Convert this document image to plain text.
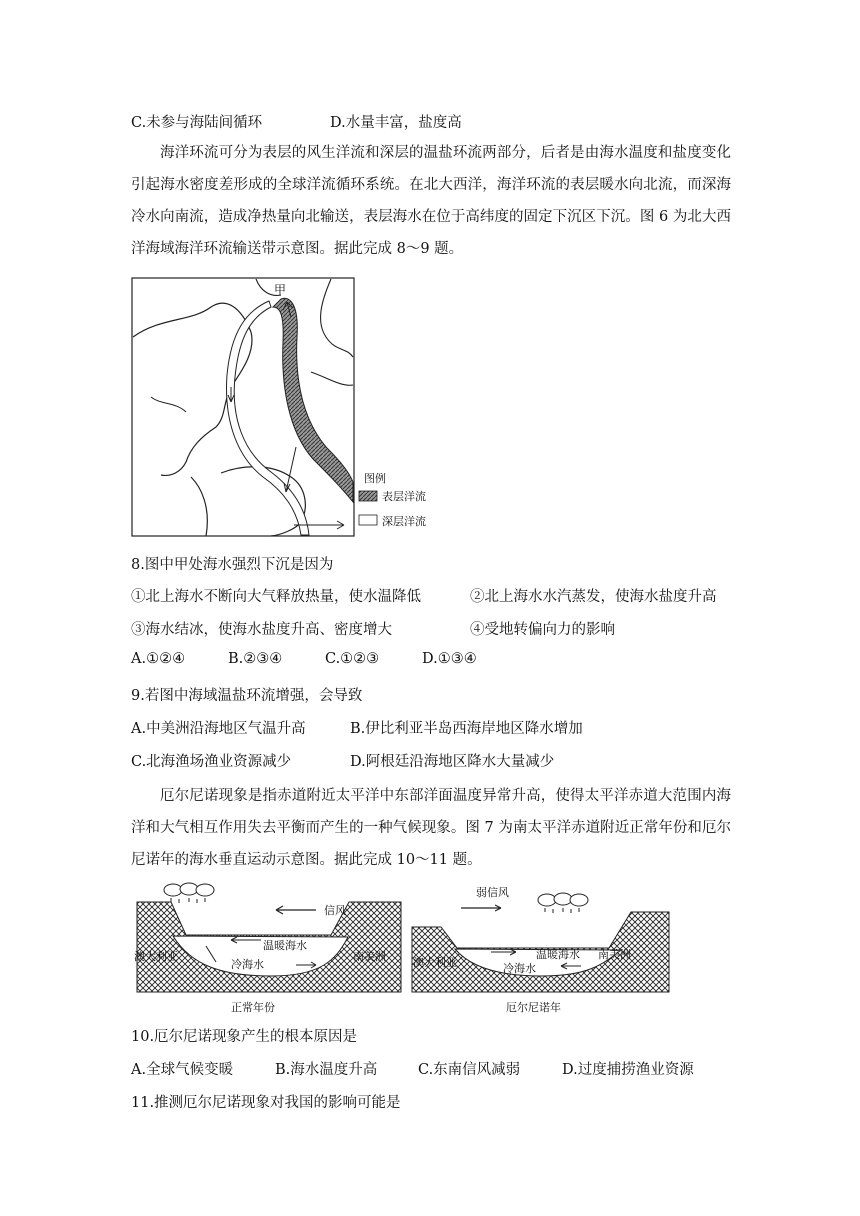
C.未参与海陆间循环	D.水量丰富，盐度高
海洋环流可分为表层的风生洋流和深层的温盐环流两部分，后者是由海水温度和盐度变化引起海水密度差形成的全球洋流循环系统。在北大西洋，海洋环流的表层暖水向北流，而深海冷水向南流，造成净热量向北输送，表层海水在位于高纬度的固定下沉区下沉。图 6 为北大西洋海域海洋环流输送带示意图。据此完成 8～9 题。
甲
图例
表层洋流
深层洋流
8.图中甲处海水强烈下沉是因为
①北上海水不断向大气释放热量，使水温降低	②北上海水水汽蒸发，使海水盐度升高
③海水结冰，使海水盐度升高、密度增大	④受地转偏向力的影响
A.①②④	B.②③④	C.①②③	D.①③④
9.若图中海域温盐环流增强，会导致
A.中美洲沿海地区气温升高	B.伊比利亚半岛西海岸地区降水增加
C.北海渔场渔业资源减少	D.阿根廷沿海地区降水大量减少
厄尔尼诺现象是指赤道附近太平洋中东部洋面温度异常升高，使得太平洋赤道大范围内海洋和大气相互作用失去平衡而产生的一种气候现象。图 7 为南太平洋赤道附近正常年份和厄尔尼诺年的海水垂直运动示意图。据此完成 10～11 题。
信风
温暖海水
冷海水
澳大利亚	南美洲
正常年份
弱信风
温暖海水
冷海水
澳大利亚
南美洲
厄尔尼诺年
10.厄尔尼诺现象产生的根本原因是
A.全球气候变暖	B.海水温度升高	C.东南信风减弱	D.过度捕捞渔业资源
11.推测厄尔尼诺现象对我国的影响可能是
